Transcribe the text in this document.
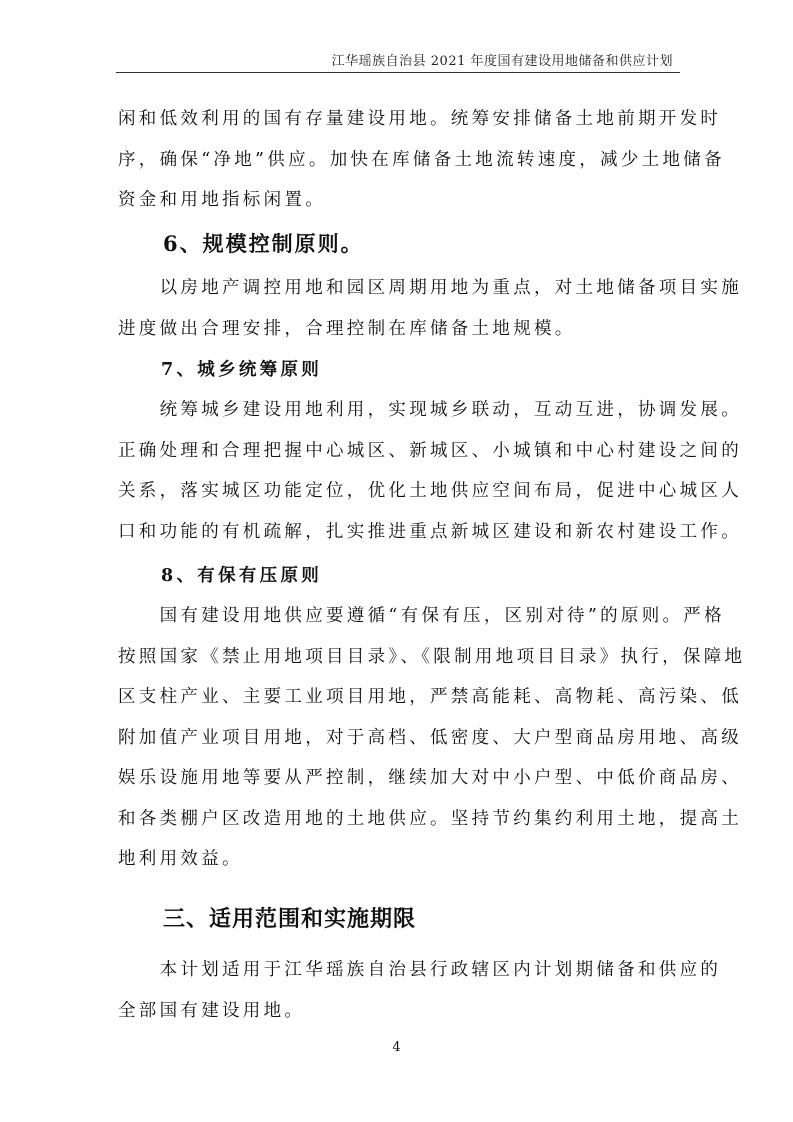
江华瑶族自治县 2021 年度国有建设用地储备和供应计划

闲和低效利用的国有存量建设用地。统筹安排储备土地前期开发时

序，确保“净地”供应。加快在库储备土地流转速度，减少土地储备

资金和用地指标闲置。

6、规模控制原则。

　　以房地产调控用地和园区周期用地为重点，对土地储备项目实施

进度做出合理安排，合理控制在库储备土地规模。

7、城乡统筹原则

　　统筹城乡建设用地利用，实现城乡联动，互动互进，协调发展。

正确处理和合理把握中心城区、新城区、小城镇和中心村建设之间的

关系，落实城区功能定位，优化土地供应空间布局，促进中心城区人

口和功能的有机疏解，扎实推进重点新城区建设和新农村建设工作。

8、有保有压原则

　　国有建设用地供应要遵循“有保有压，区别对待”的原则。严格

按照国家《禁止用地项目目录》、《限制用地项目目录》执行，保障地

区支柱产业、主要工业项目用地，严禁高能耗、高物耗、高污染、低

附加值产业项目用地，对于高档、低密度、大户型商品房用地、高级

娱乐设施用地等要从严控制，继续加大对中小户型、中低价商品房、

和各类棚户区改造用地的土地供应。坚持节约集约利用土地，提高土

地利用效益。

三、适用范围和实施期限

　　本计划适用于江华瑶族自治县行政辖区内计划期储备和供应的

全部国有建设用地。

4
